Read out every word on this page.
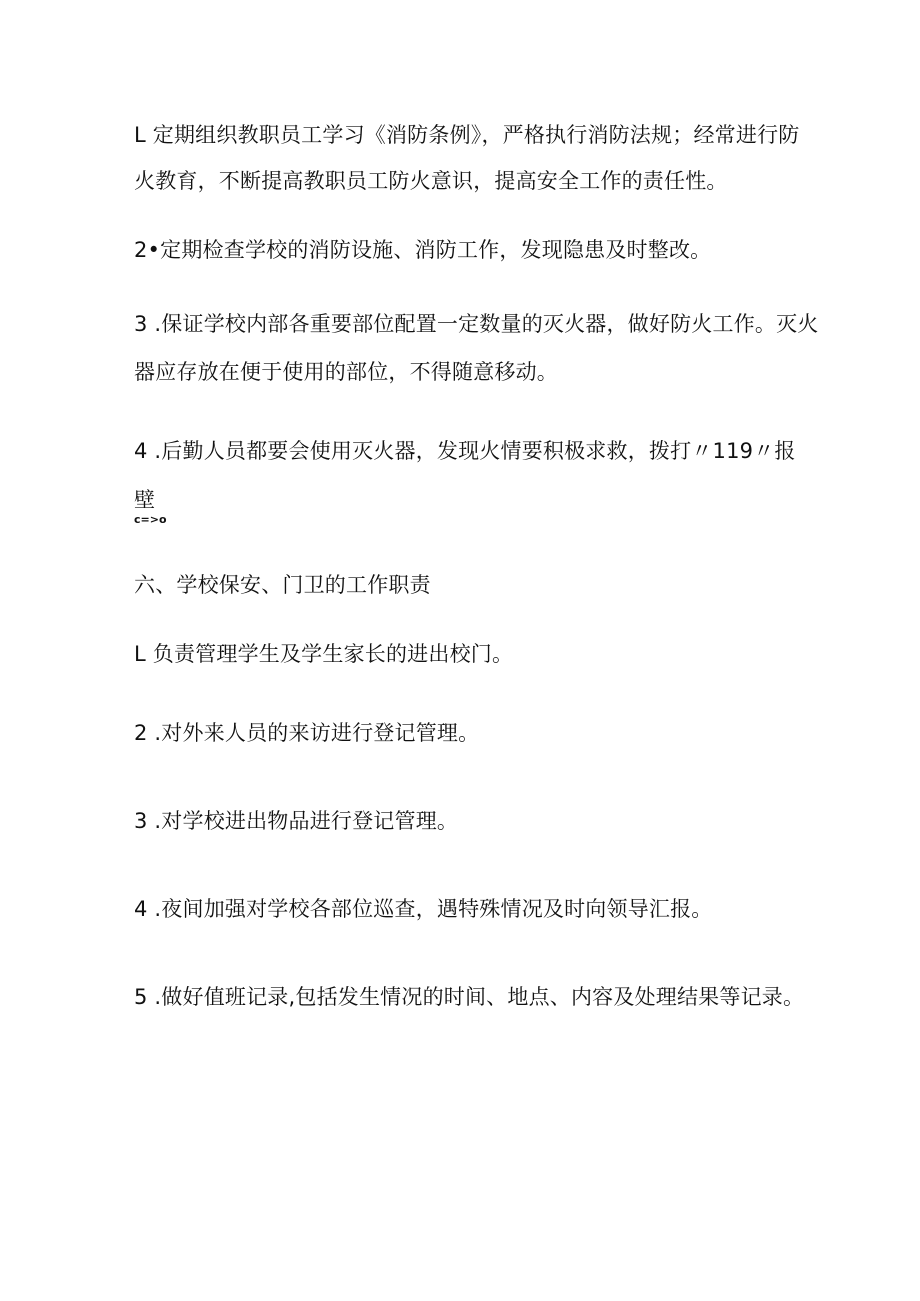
L 定期组织教职员工学习《消防条例》，严格执行消防法规；经常进行防
火教育，不断提高教职员工防火意识，提高安全工作的责任性。
2•定期检查学校的消防设施、消防工作，发现隐患及时整改。
3 .保证学校内部各重要部位配置一定数量的灭火器，做好防火工作。灭火
器应存放在便于使用的部位，不得随意移动。
4 .后勤人员都要会使用灭火器，发现火情要积极求救，拨打〃119〃报
壁
c=>o
六、学校保安、门卫的工作职责
L 负责管理学生及学生家长的进出校门。
2 .对外来人员的来访进行登记管理。
3 .对学校进出物品进行登记管理。
4 .夜间加强对学校各部位巡查，遇特殊情况及时向领导汇报。
5 .做好值班记录,包括发生情况的时间、地点、内容及处理结果等记录。
